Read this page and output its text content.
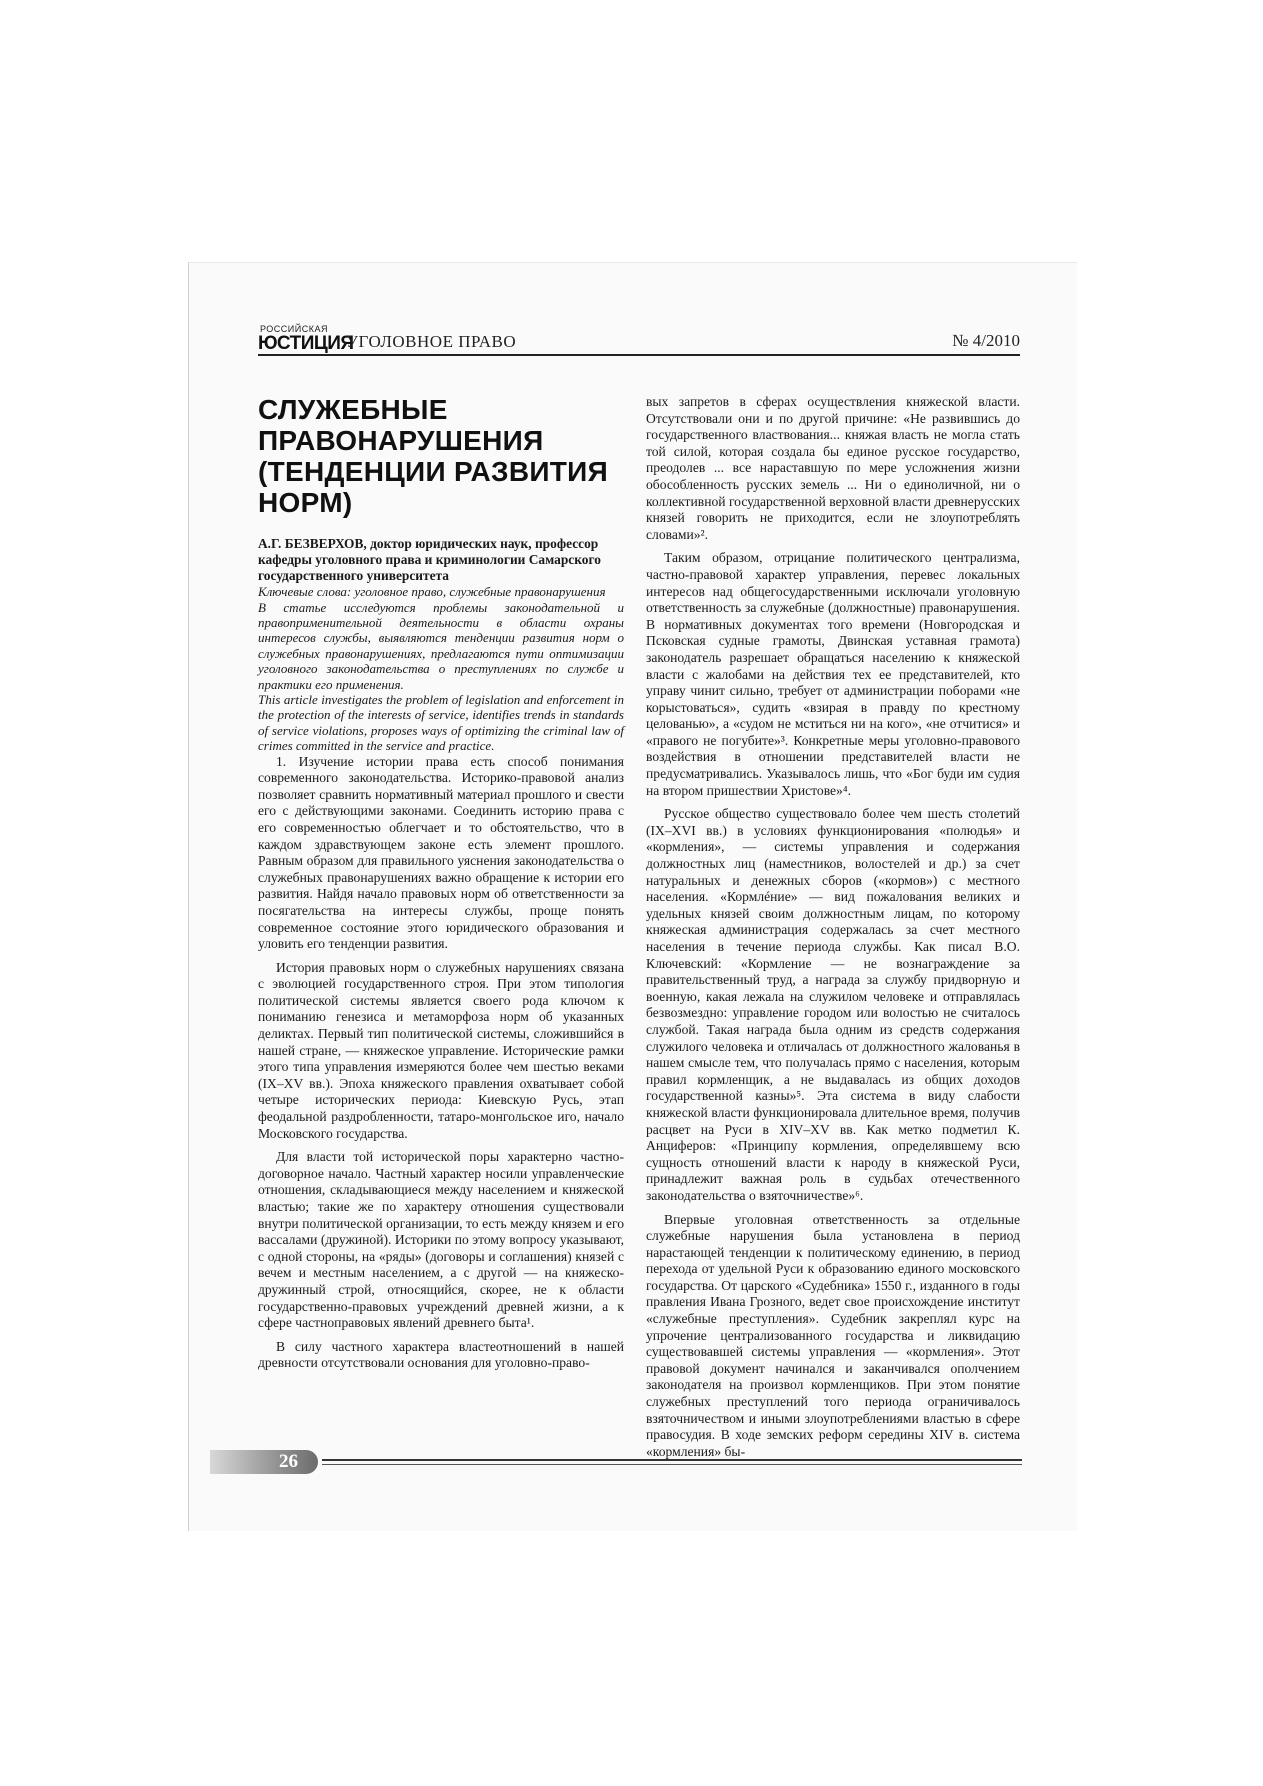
РОССИЙСКАЯ
ЮСТИЦИЯ
УГОЛОВНОЕ ПРАВО	№ 4/2010
СЛУЖЕБНЫЕ
ПРАВОНАРУШЕНИЯ
(ТЕНДЕНЦИИ РАЗВИТИЯ
НОРМ)

А.Г. БЕЗВЕРХОВ, доктор юридических наук, профессор кафедры уголовного права и криминологии Самарского государственного университета

Ключевые слова: уголовное право, служебные правонарушения

В статье исследуются проблемы законодательной и правоприменительной деятельности в области охраны интересов службы, выявляются тенденции развития норм о служебных правонарушениях, предлагаются пути оптимизации уголовного законодательства о преступлениях по службе и практики его применения.

This article investigates the problem of legislation and enforcement in the protection of the interests of service, identifies trends in standards of service violations, proposes ways of optimizing the criminal law of crimes committed in the service and practice.

1. Изучение истории права есть способ понимания современного законодательства. Историко-правовой анализ позволяет сравнить нормативный материал прошлого и свести его с действующими законами. Соединить историю права с его современностью облегчает и то обстоятельство, что в каждом здравствующем законе есть элемент прошлого. Равным образом для правильного уяснения законодательства о служебных правонарушениях важно обращение к истории его развития. Найдя начало правовых норм об ответственности за посягательства на интересы службы, проще понять современное состояние этого юридического образования и уловить его тенденции развития.

История правовых норм о служебных нарушениях связана с эволюцией государственного строя. При этом типология политической системы является своего рода ключом к пониманию генезиса и метаморфоза норм об указанных деликтах. Первый тип политической системы, сложившийся в нашей стране, — княжеское управление. Исторические рамки этого типа управления измеряются более чем шестью веками (IX–XV вв.). Эпоха княжеского правления охватывает собой четыре исторических периода: Киевскую Русь, этап феодальной раздробленности, татаро-монгольское иго, начало Московского государства.

Для власти той исторической поры характерно частно-договорное начало. Частный характер носили управленческие отношения, складывающиеся между населением и княжеской властью; такие же по характеру отношения существовали внутри политической организации, то есть между князем и его вассалами (дружиной). Историки по этому вопросу указывают, с одной стороны, на «ряды» (договоры и соглашения) князей с вечем и местным населением, а с другой — на княжеско-дружинный строй, относящийся, скорее, не к области государственно-правовых учреждений древней жизни, а к сфере частноправовых явлений древнего быта¹.

В силу частного характера властеотношений в нашей древности отсутствовали основания для уголовно-право-

вых запретов в сферах осуществления княжеской власти. Отсутствовали они и по другой причине: «Не развившись до государственного властвования... княжая власть не могла стать той силой, которая создала бы единое русское государство, преодолев ... все нараставшую по мере усложнения жизни обособленность русских земель ... Ни о единоличной, ни о коллективной государственной верховной власти древнерусских князей говорить не приходится, если не злоупотреблять словами»².

Таким образом, отрицание политического централизма, частно-правовой характер управления, перевес локальных интересов над общегосударственными исключали уголовную ответственность за служебные (должностные) правонарушения. В нормативных документах того времени (Новгородская и Псковская судные грамоты, Двинская уставная грамота) законодатель разрешает обращаться населению к княжеской власти с жалобами на действия тех ее представителей, кто управу чинит сильно, требует от администрации поборами «не корыстоваться», судить «взирая в правду по крестному целованью», а «судом не мститься ни на кого», «не отчитися» и «правого не погубите»³. Конкретные меры уголовно-правового воздействия в отношении представителей власти не предусматривались. Указывалось лишь, что «Бог буди им судия на втором пришествии Христове»⁴.

Русское общество существовало более чем шесть столетий (IX–XVI вв.) в условиях функционирования «полюдья» и «кормления», — системы управления и содержания должностных лиц (наместников, волостелей и др.) за счет натуральных и денежных сборов («кормов») с местного населения. «Кормлéние» — вид пожалования великих и удельных князей своим должностным лицам, по которому княжеская администрация содержалась за счет местного населения в течение периода службы. Как писал В.О. Ключевский: «Кормление — не вознаграждение за правительственный труд, а награда за службу придворную и военную, какая лежала на служилом человеке и отправлялась безвозмездно: управление городом или волостью не считалось службой. Такая награда была одним из средств содержания служилого человека и отличалась от должностного жалованья в нашем смысле тем, что получалась прямо с населения, которым правил кормленщик, а не выдавалась из общих доходов государственной казны»⁵. Эта система в виду слабости княжеской власти функционировала длительное время, получив расцвет на Руси в XIV–XV вв. Как метко подметил К. Анциферов: «Принципу кормления, определявшему всю сущность отношений власти к народу в княжеской Руси, принадлежит важная роль в судьбах отечественного законодательства о взяточничестве»⁶.

Впервые уголовная ответственность за отдельные служебные нарушения была установлена в период нарастающей тенденции к политическому единению, в период перехода от удельной Руси к образованию единого московского государства. От царского «Судебника» 1550 г., изданного в годы правления Ивана Грозного, ведет свое происхождение институт «служебные преступления». Судебник закреплял курс на упрочение централизованного государства и ликвидацию существовавшей системы управления — «кормления». Этот правовой документ начинался и заканчивался ополчением законодателя на произвол кормленщиков. При этом понятие служебных преступлений того периода ограничивалось взяточничеством и иными злоупотреблениями властью в сфере правосудия. В ходе земских реформ середины XIV в. система «кормления» бы-

26
